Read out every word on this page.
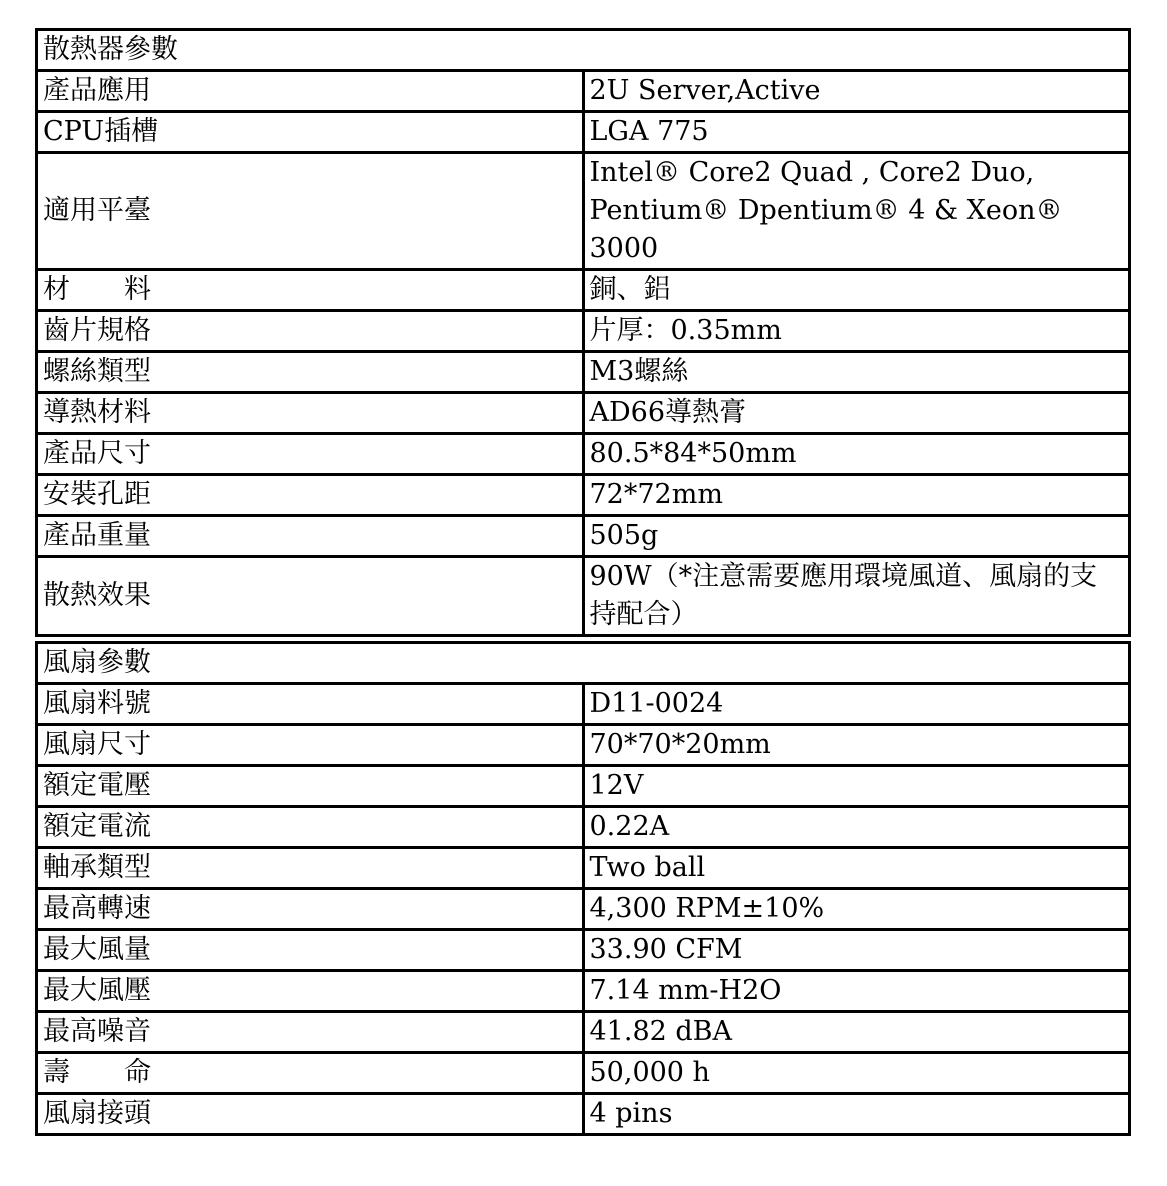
散熱器參數	
產品應用	2U Server,Active
CPU插槽	LGA 775
適用平臺	Intel® Core2 Quad , Core2 Duo, Pentium® Dpentium® 4 & Xeon® 3000
材　　料	銅、鋁
齒片規格	片厚：0.35mm
螺絲類型	M3螺絲
導熱材料	AD66導熱膏
產品尺寸	80.5*84*50mm
安裝孔距	72*72mm
產品重量	505g
散熱效果	90W（*注意需要應用環境風道、風扇的支持配合）
風扇參數	
風扇料號	D11-0024
風扇尺寸	70*70*20mm
額定電壓	12V
額定電流	0.22A
軸承類型	Two ball
最高轉速	4,300 RPM±10%
最大風量	33.90 CFM
最大風壓	7.14 mm-H2O
最高噪音	41.82 dBA
壽　　命	50,000 h
風扇接頭	4 pins
